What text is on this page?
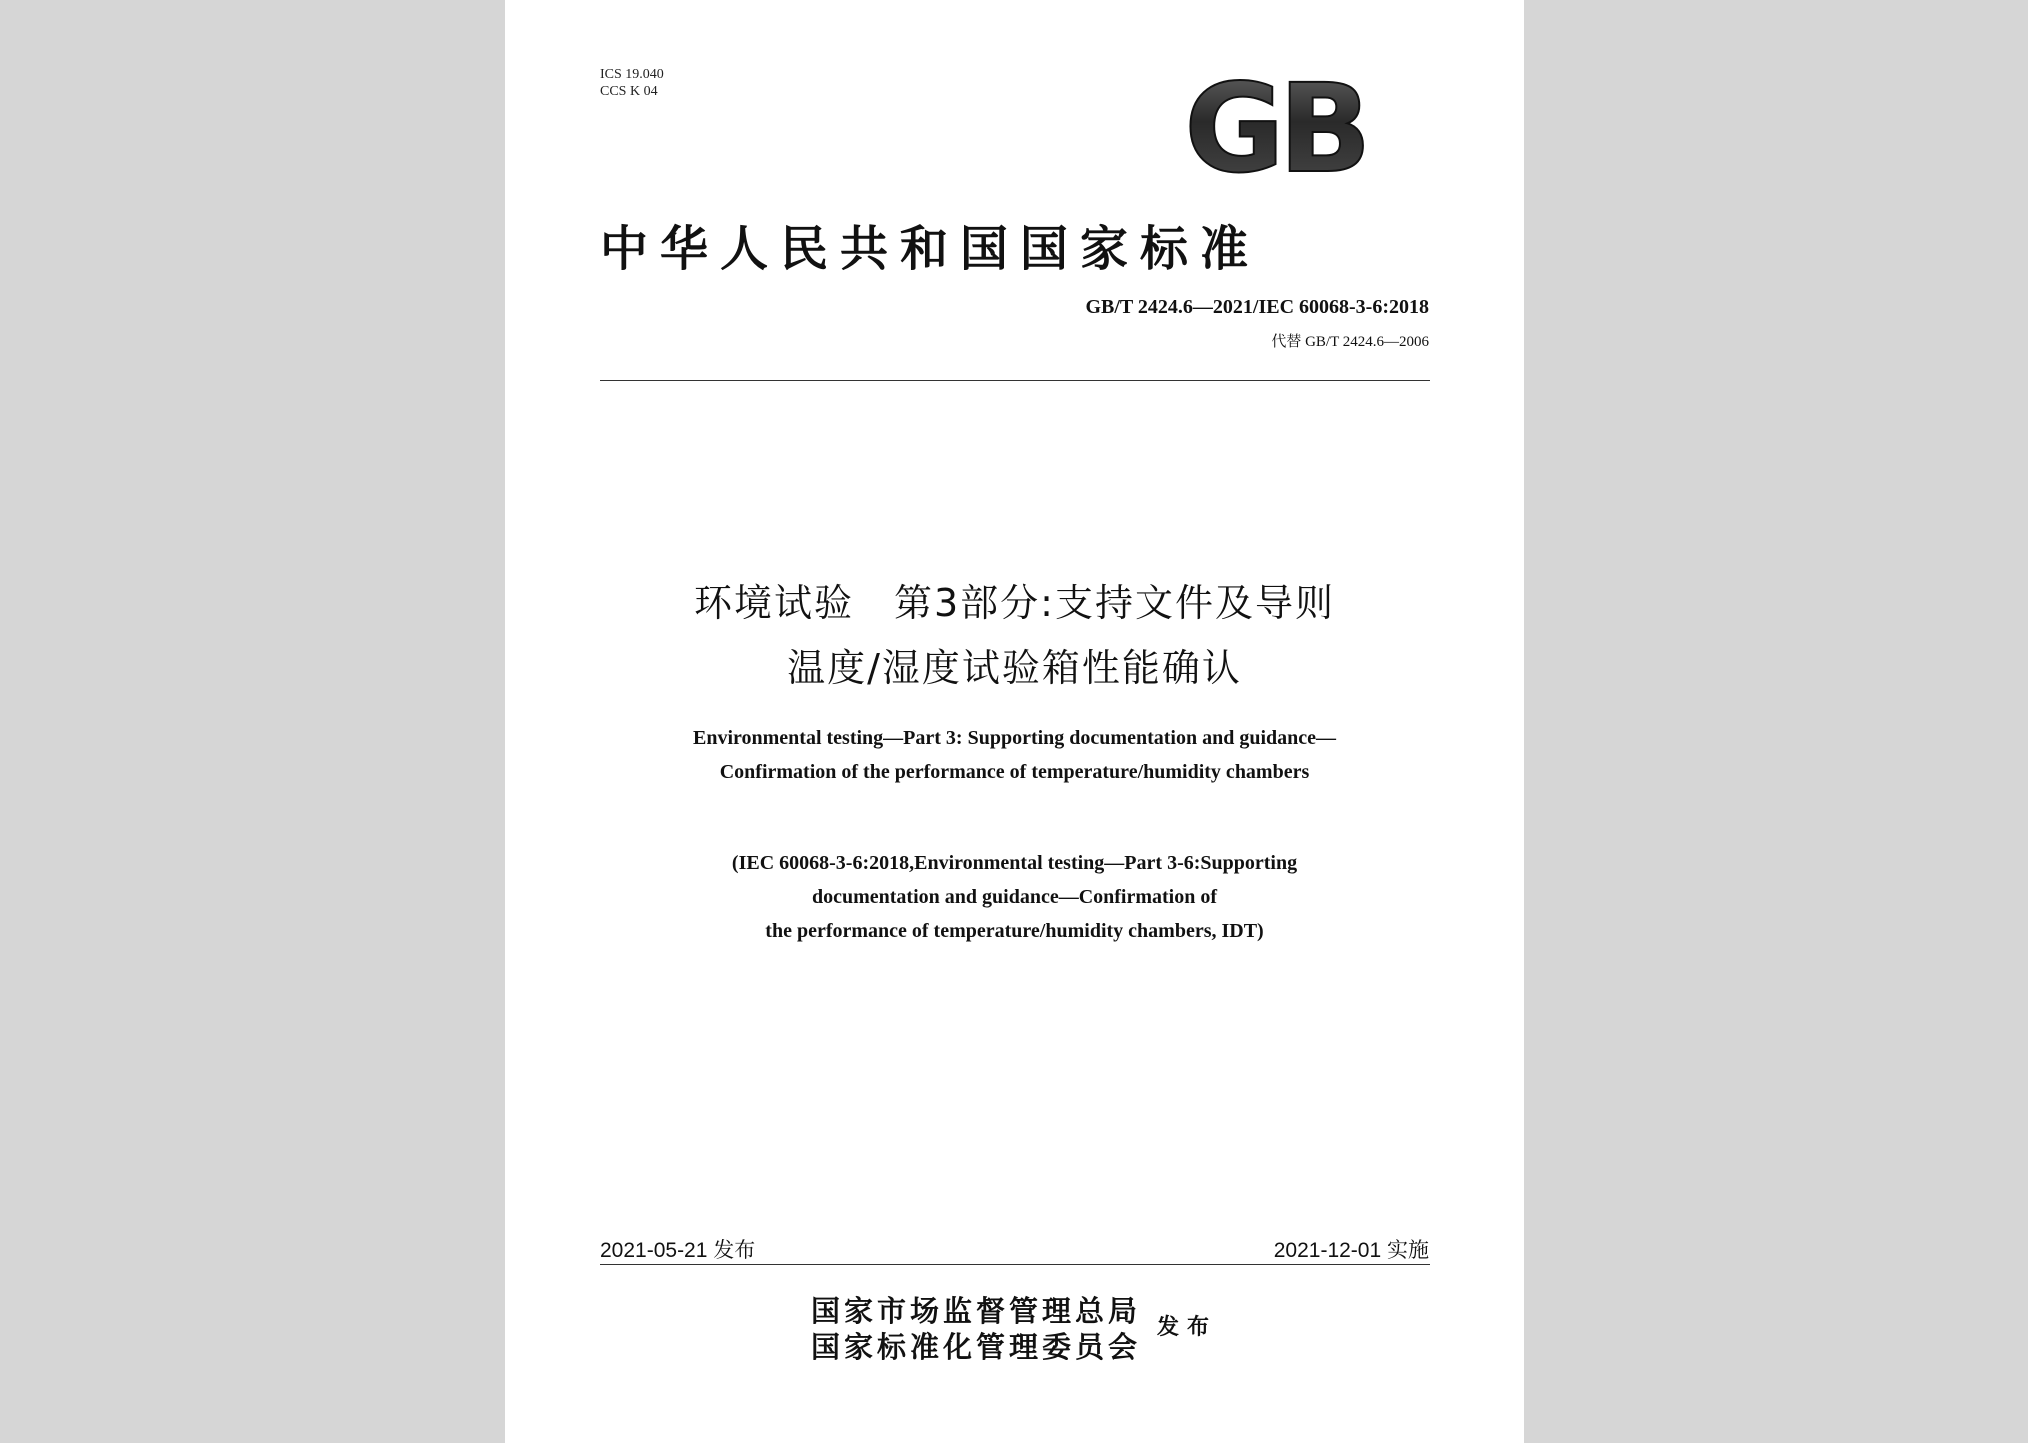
ICS 19.040
CCS K 04	GB
中华人民共和国国家标准
GB/T 2424.6—2021/IEC 60068-3-6:2018
代替 GB/T 2424.6—2006
环境试验　第3部分:支持文件及导则
温度/湿度试验箱性能确认
Environmental testing—Part 3: Supporting documentation and guidance—
Confirmation of the performance of temperature/humidity chambers
(IEC 60068-3-6:2018,Environmental testing—Part 3-6:Supporting
documentation and guidance—Confirmation of
the performance of temperature/humidity chambers, IDT)
2021-05-21 发布	2021-12-01 实施
国家市场监督管理总局
国家标准化管理委员会
发布
